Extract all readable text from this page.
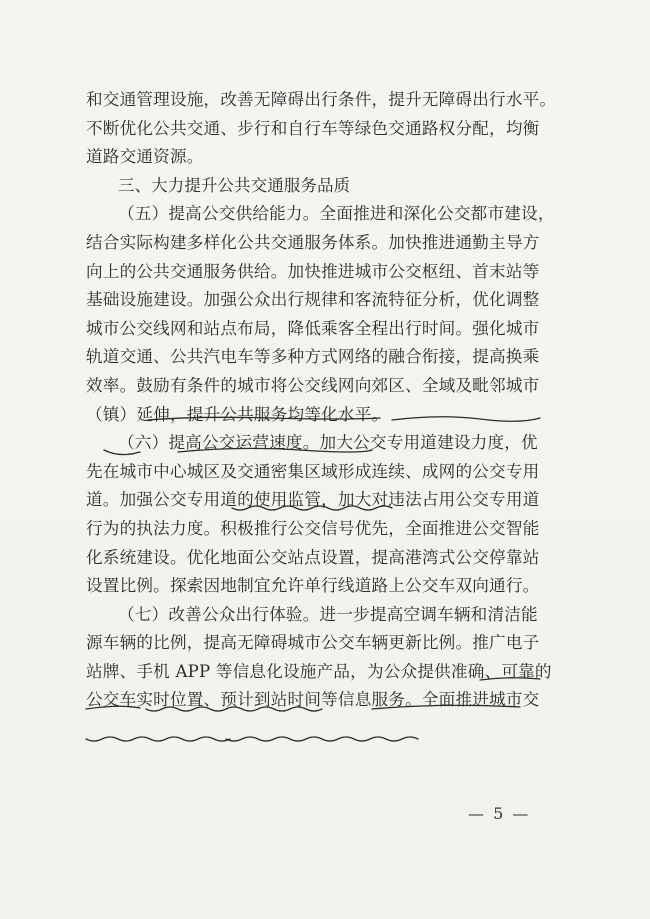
和交通管理设施，改善无障碍出行条件，提升无障碍出行水平。
不断优化公共交通、步行和自行车等绿色交通路权分配，均衡
道路交通资源。
三、大力提升公共交通服务品质
（五）提高公交供给能力。全面推进和深化公交都市建设，
结合实际构建多样化公共交通服务体系。加快推进通勤主导方
向上的公共交通服务供给。加快推进城市公交枢纽、首末站等
基础设施建设。加强公众出行规律和客流特征分析，优化调整
城市公交线网和站点布局，降低乘客全程出行时间。强化城市
轨道交通、公共汽电车等多种方式网络的融合衔接，提高换乘
效率。鼓励有条件的城市将公交线网向郊区、全域及毗邻城市
（镇）延伸，提升公共服务均等化水平。
（六）提高公交运营速度。加大公交专用道建设力度，优
先在城市中心城区及交通密集区域形成连续、成网的公交专用
道。加强公交专用道的使用监管，加大对违法占用公交专用道
行为的执法力度。积极推行公交信号优先，全面推进公交智能
化系统建设。优化地面公交站点设置，提高港湾式公交停靠站
设置比例。探索因地制宜允许单行线道路上公交车双向通行。
（七）改善公众出行体验。进一步提高空调车辆和清洁能
源车辆的比例，提高无障碍城市公交车辆更新比例。推广电子
站牌、手机 APP 等信息化设施产品，为公众提供准确、可靠的
公交车实时位置、预计到站时间等信息服务。全面推进城市交
— 5 —
